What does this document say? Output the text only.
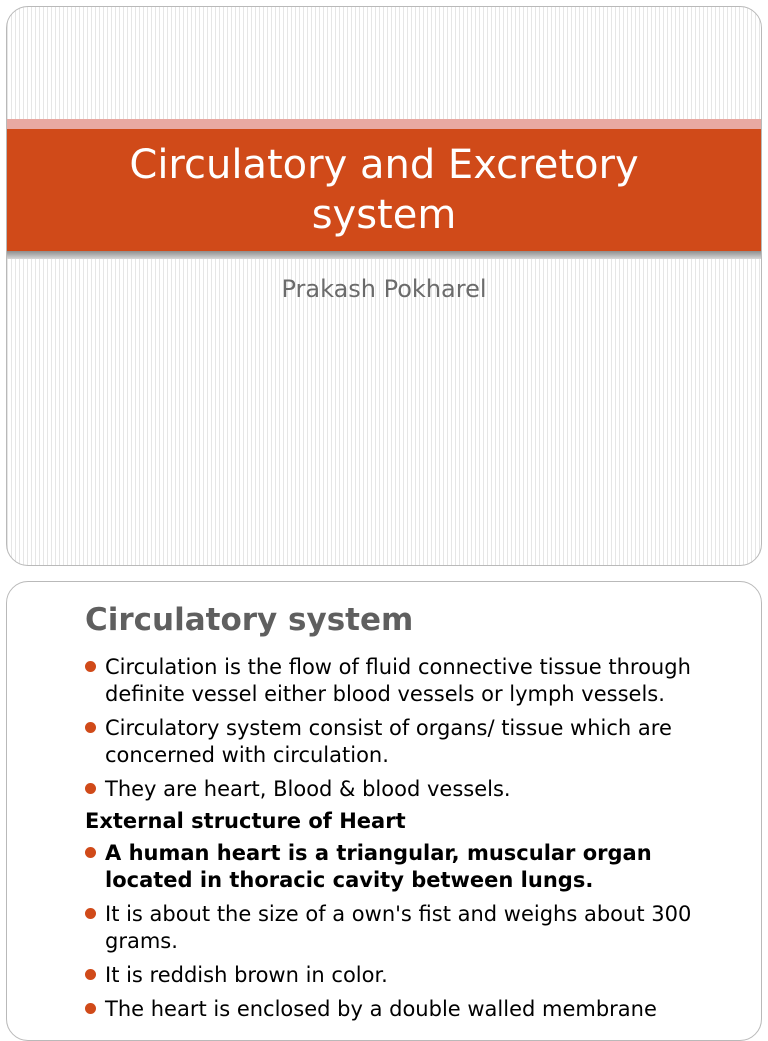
Circulatory and Excretory system
Prakash Pokharel
Circulatory system
Circulation is the flow of fluid connective tissue through definite vessel either blood vessels or lymph vessels.
Circulatory system consist of organs/ tissue which are concerned with circulation.
They are heart, Blood & blood vessels.
External structure of Heart
A human heart is a triangular, muscular organ located in thoracic cavity between lungs.
It is about the size of a own's fist and weighs about 300 grams.
It is reddish brown in color.
The heart is enclosed by a double walled membrane
